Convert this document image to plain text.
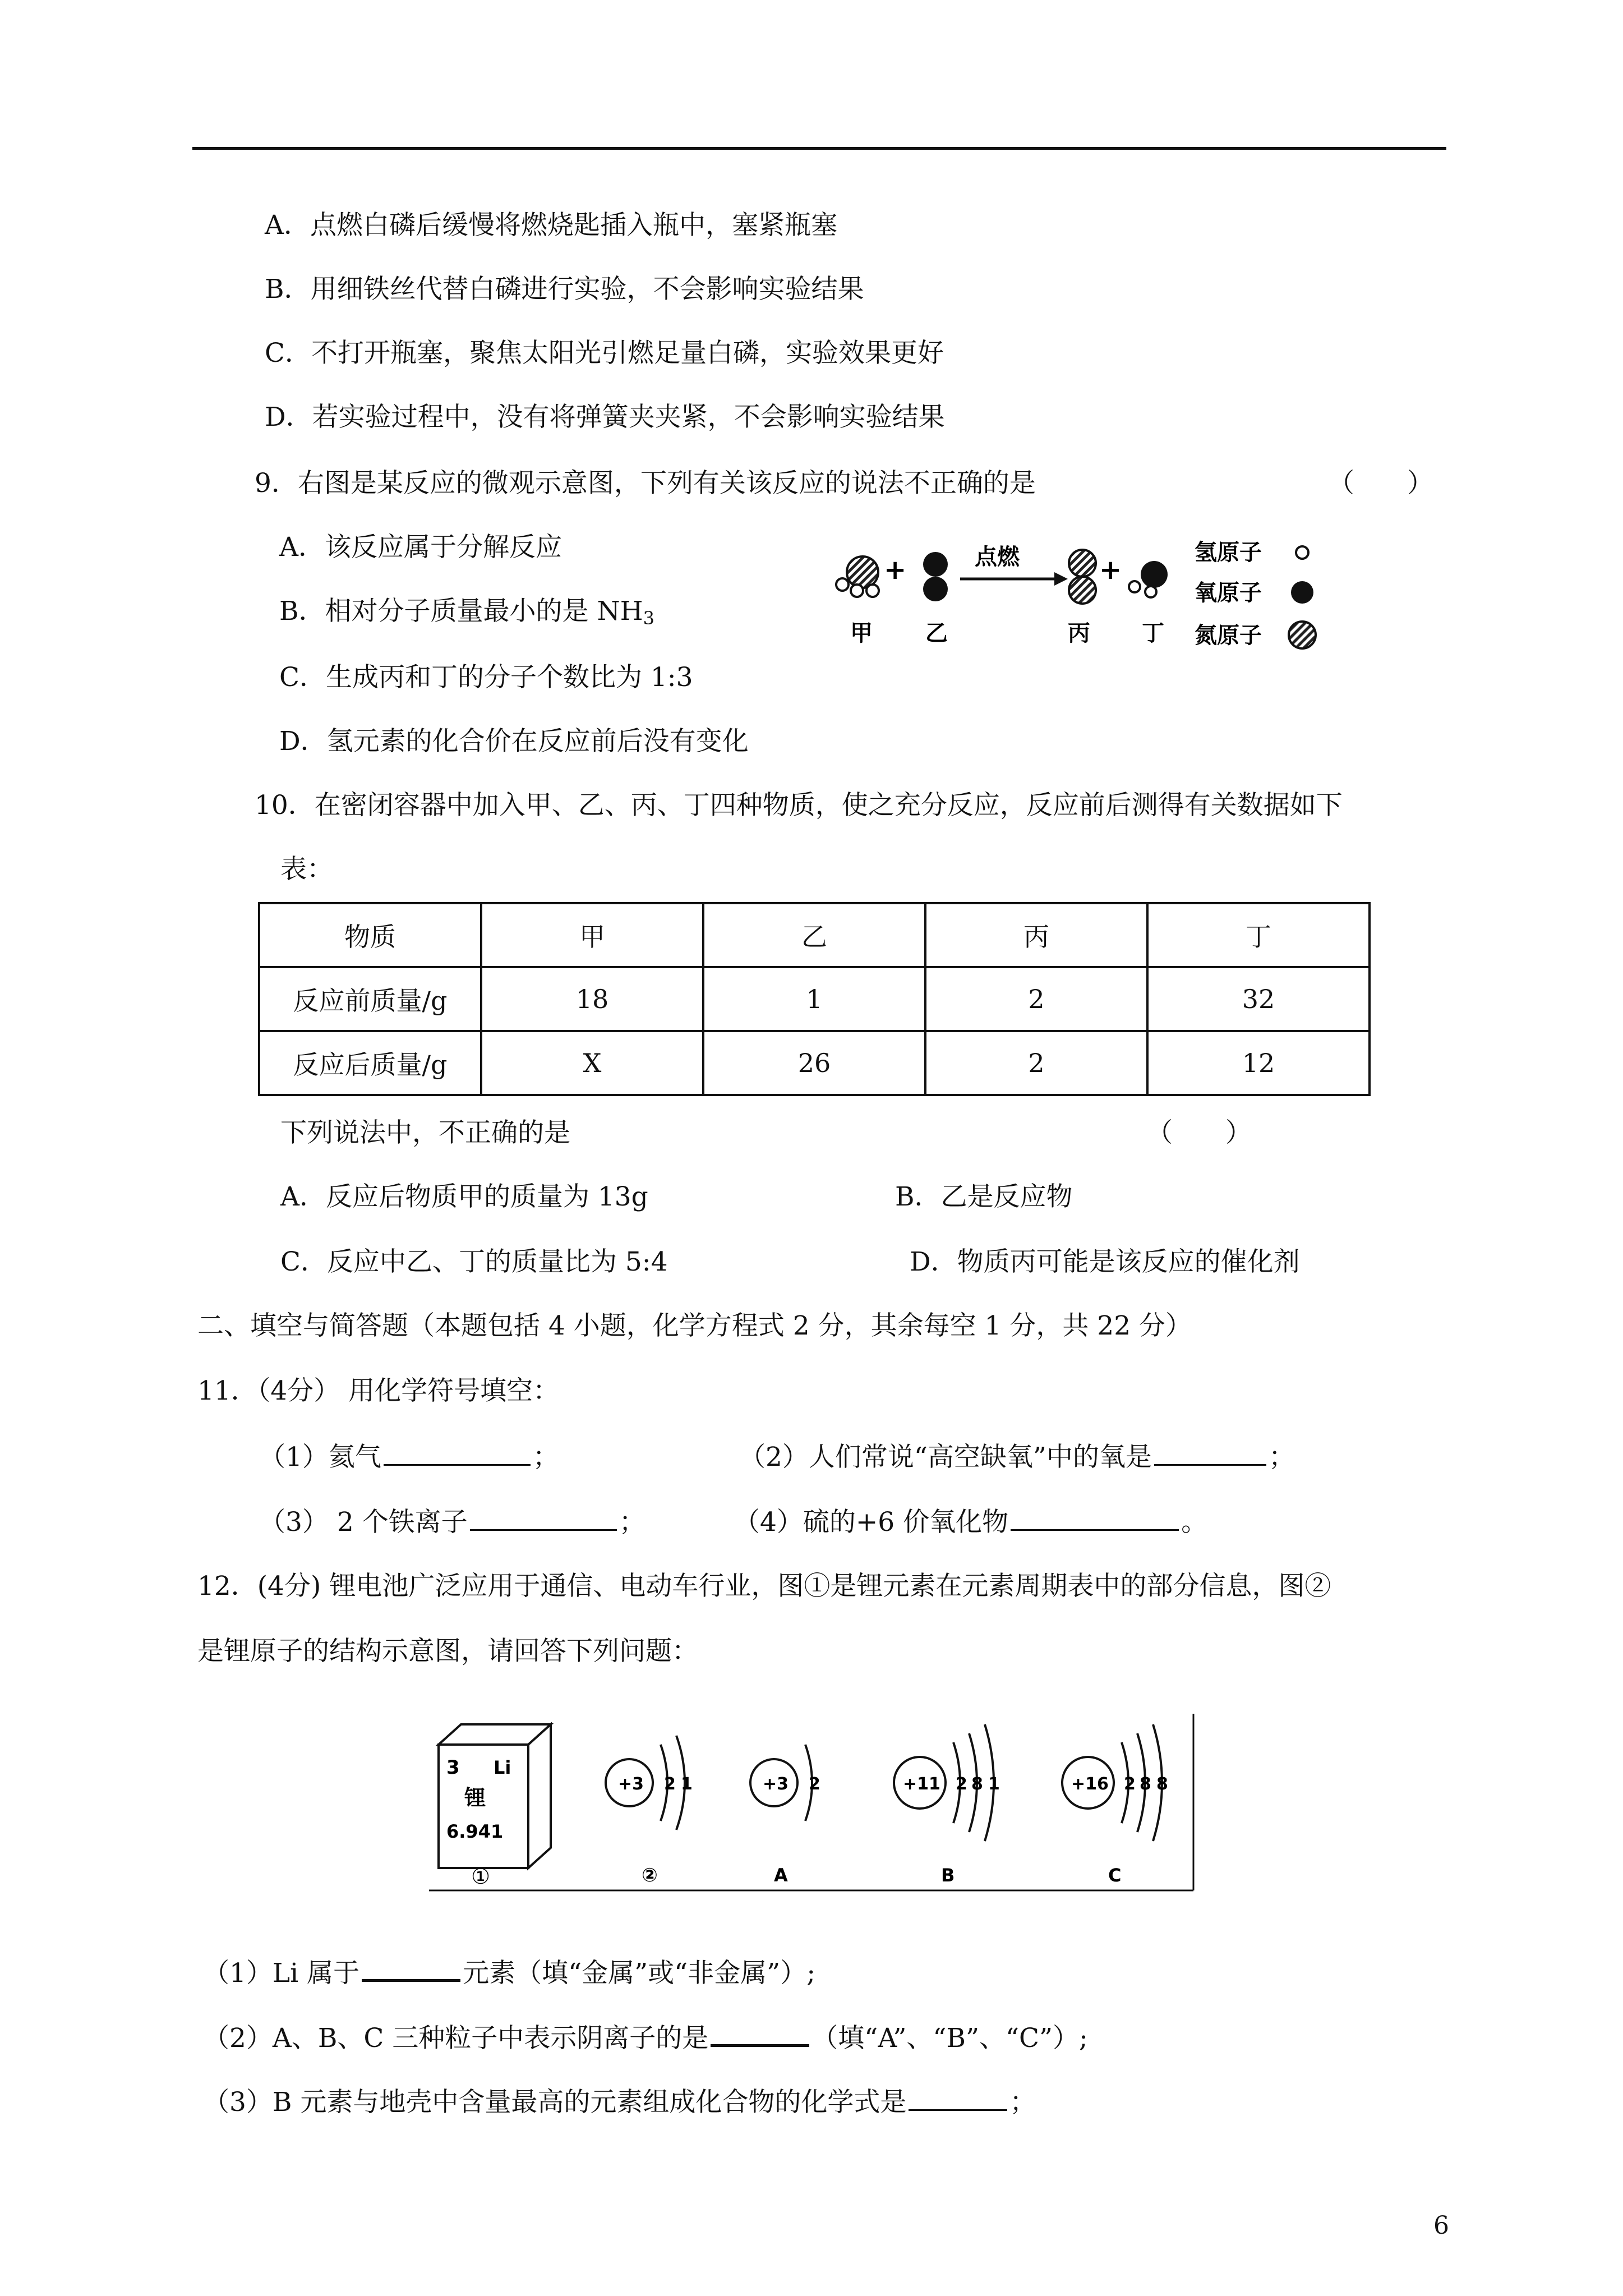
A．点燃白磷后缓慢将燃烧匙插入瓶中，塞紧瓶塞
B．用细铁丝代替白磷进行实验，不会影响实验结果
C．不打开瓶塞，聚焦太阳光引燃足量白磷，实验效果更好
D．若实验过程中，没有将弹簧夹夹紧，不会影响实验结果
9．右图是某反应的微观示意图，下列有关该反应的说法不正确的是	（　　）
A．该反应属于分解反应
B．相对分子质量最小的是 $NH_3$
C．生成丙和丁的分子个数比为 1:3
D．氢元素的化合价在反应前后没有变化
+	点燃	+
甲 乙	丙 丁
氢原子
氧原子
氮原子
10．在密闭容器中加入甲、乙、丙、丁四种物质，使之充分反应，反应前后测得有关数据如下
表：
物质	甲	乙	丙	丁
反应前质量/g	18	1	2	32
反应后质量/g	X	26	2	12
下列说法中，不正确的是	（　　）
A．反应后物质甲的质量为 13g	B．乙是反应物
C．反应中乙、丁的质量比为 5:4	D．物质丙可能是该反应的催化剂
二、填空与简答题（本题包括 4 小题，化学方程式 2 分，其余每空 1 分，共 22 分）
11．（4分） 用化学符号填空：
（1）氦气	；	（2）人们常说“高空缺氧”中的氧是	；
（3） 2 个铁离子	；	（4）硫的+6 价氧化物	。
12．(4分) 锂电池广泛应用于通信、电动车行业，图①是锂元素在元素周期表中的部分信息，图②
是锂原子的结构示意图，请回答下列问题：
3 Li
锂
6.941
①
+3 2 1
②
+3 2
A
+11 2 8 1
B
+16 2 8 8
C
（1）Li 属于	元素（填“金属”或“非金属”）;
（2）A、B、C 三种粒子中表示阴离子的是	（填“A”、“B”、“C”）;
（3）B 元素与地壳中含量最高的元素组成化合物的化学式是	；
6
